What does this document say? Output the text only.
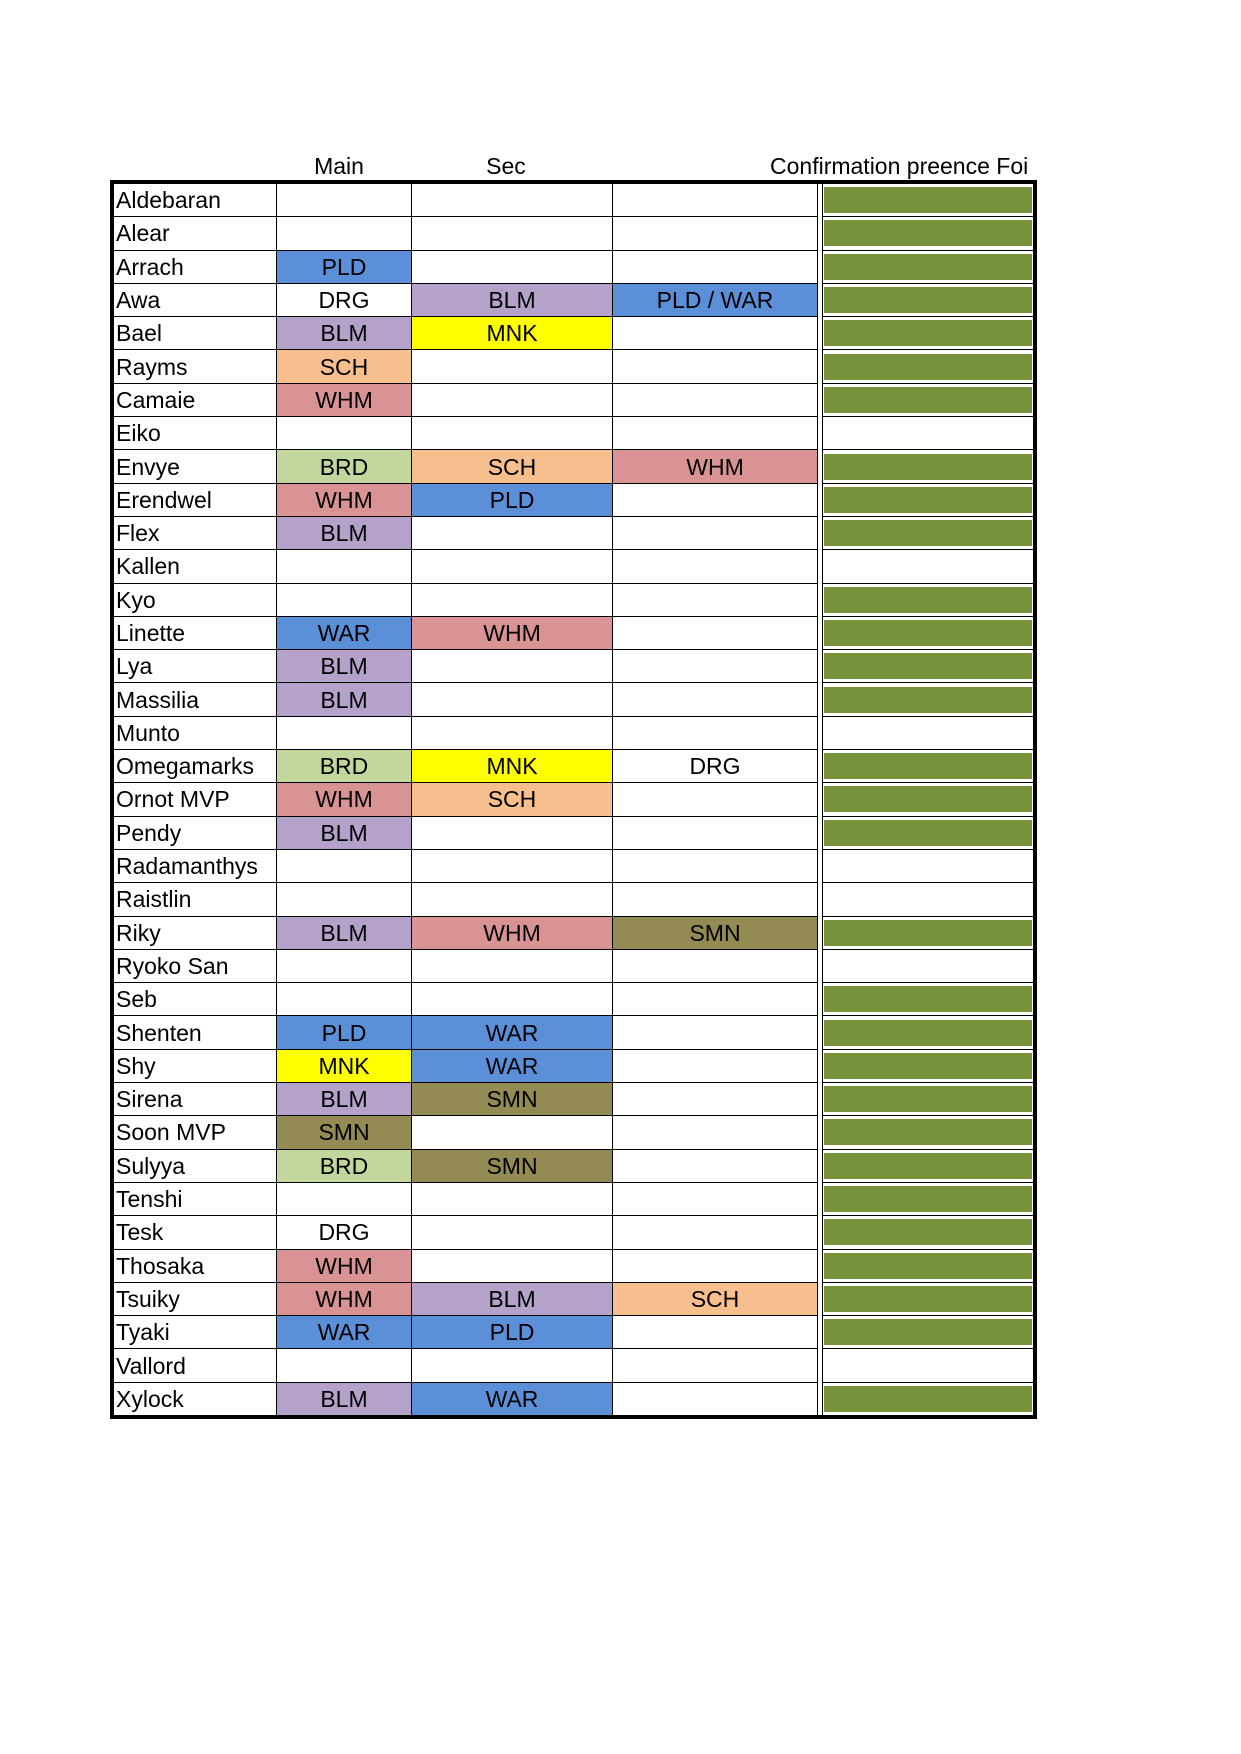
Main	Sec	Confirmation preence Foi
Aldebaran					

Alear					

Arrach	PLD				

Awa	DRG	BLM	PLD / WAR		

Bael	BLM	MNK			

Rayms	SCH				

Camaie	WHM				

Eiko					

Envye	BRD	SCH	WHM		

Erendwel	WHM	PLD			

Flex	BLM				

Kallen					

Kyo					

Linette	WAR	WHM			

Lya	BLM				

Massilia	BLM				

Munto					

Omegamarks	BRD	MNK	DRG		

Ornot MVP	WHM	SCH			

Pendy	BLM				

Radamanthys					

Raistlin					

Riky	BLM	WHM	SMN		

Ryoko San					

Seb					

Shenten	PLD	WAR			

Shy	MNK	WAR			

Sirena	BLM	SMN			

Soon MVP	SMN				

Sulyya	BRD	SMN			

Tenshi					

Tesk	DRG				

Thosaka	WHM				

Tsuiky	WHM	BLM	SCH		

Tyaki	WAR	PLD			

Vallord					

Xylock	BLM	WAR			
